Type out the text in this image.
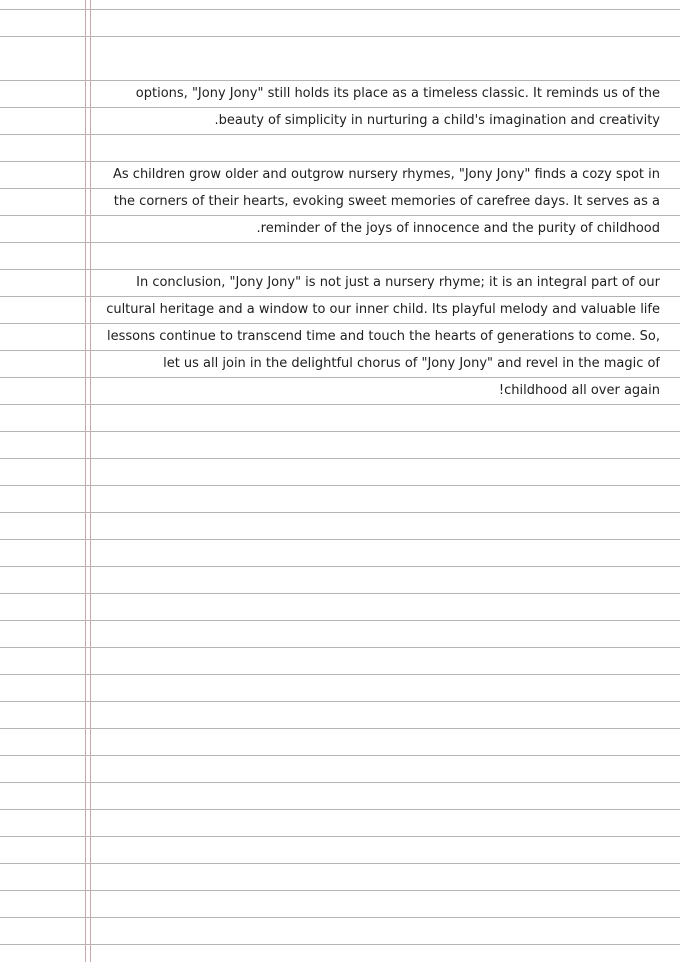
options, "Jony Jony" still holds its place as a timeless classic. It reminds us of the
.beauty of simplicity in nurturing a child's imagination and creativity
As children grow older and outgrow nursery rhymes, "Jony Jony" finds a cozy spot in
the corners of their hearts, evoking sweet memories of carefree days. It serves as a
.reminder of the joys of innocence and the purity of childhood
In conclusion, "Jony Jony" is not just a nursery rhyme; it is an integral part of our
cultural heritage and a window to our inner child. Its playful melody and valuable life
lessons continue to transcend time and touch the hearts of generations to come. So,
let us all join in the delightful chorus of "Jony Jony" and revel in the magic of
!childhood all over again
